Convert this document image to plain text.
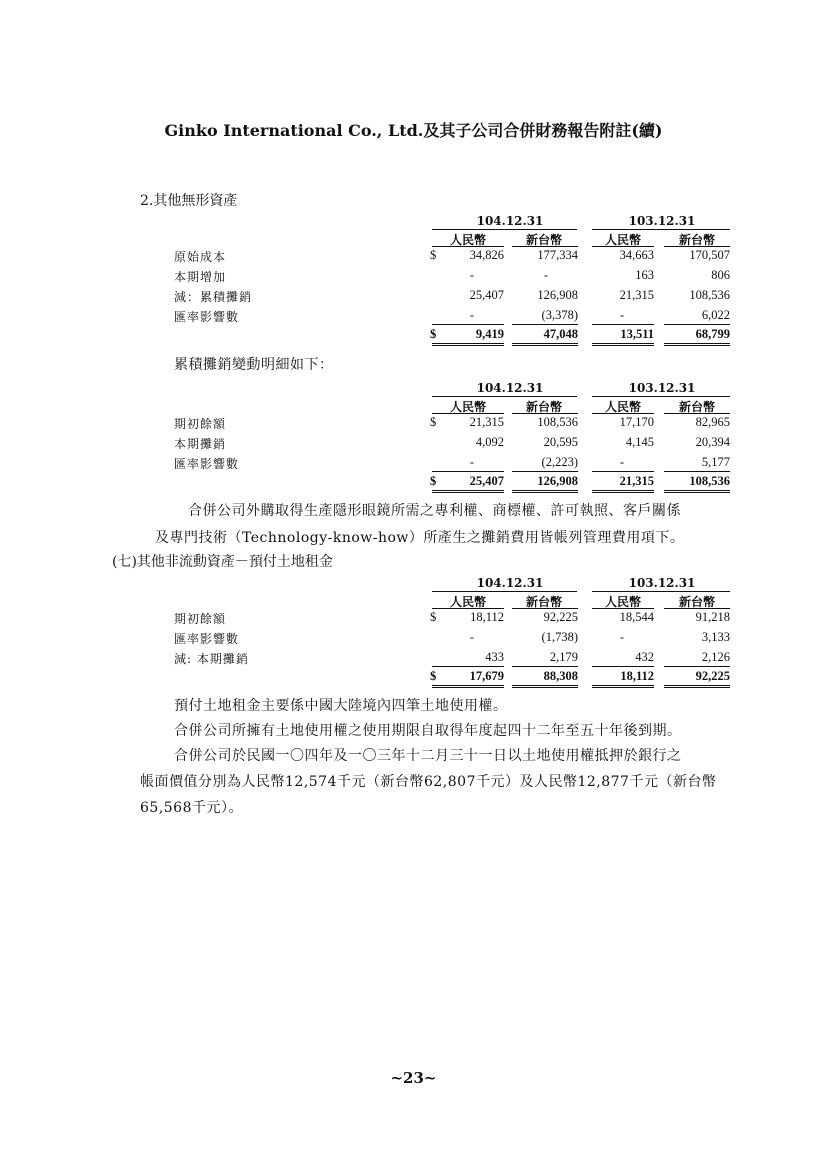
Ginko International Co., Ltd.及其子公司合併財務報告附註(續)
2.其他無形資產
104.12.31	103.12.31
人民幣	新台幣	人民幣	新台幣
原始成本	$	34,826	177,334	34,663	170,507
本期增加	-	-	163	806
減：累積攤銷	25,407	126,908	21,315	108,536
匯率影響數	-	(3,378)	-	6,022
$	9,419	47,048	13,511	68,799
累積攤銷變動明細如下：
104.12.31	103.12.31
人民幣	新台幣	人民幣	新台幣
期初餘額	$	21,315	108,536	17,170	82,965
本期攤銷	4,092	20,595	4,145	20,394
匯率影響數	-	(2,223)	-	5,177
$	25,407	126,908	21,315	108,536
合併公司外購取得生產隱形眼鏡所需之專利權、商標權、許可執照、客戶關係
及專門技術（Technology-know-how）所產生之攤銷費用皆帳列管理費用項下。
(七)其他非流動資產－預付土地租金
104.12.31	103.12.31
人民幣	新台幣	人民幣	新台幣
期初餘額	$	18,112	92,225	18,544	91,218
匯率影響數	-	(1,738)	-	3,133
減: 本期攤銷	433	2,179	432	2,126
$	17,679	88,308	18,112	92,225
預付土地租金主要係中國大陸境內四筆土地使用權。
合併公司所擁有土地使用權之使用期限自取得年度起四十二年至五十年後到期。
合併公司於民國一〇四年及一〇三年十二月三十一日以土地使用權抵押於銀行之
帳面價值分別為人民幣12,574千元（新台幣62,807千元）及人民幣12,877千元（新台幣
65,568千元）。
~23~
